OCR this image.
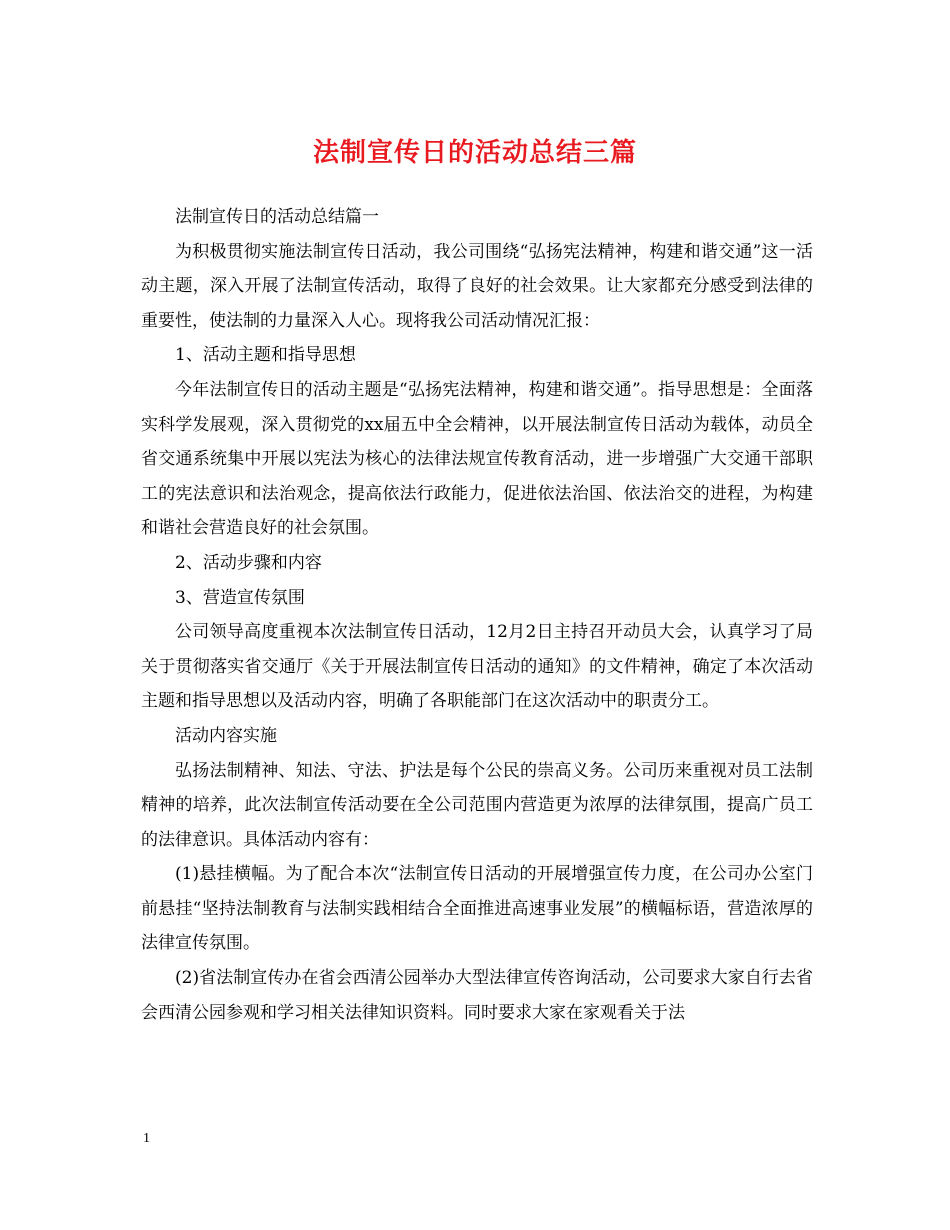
法制宣传日的活动总结三篇

法制宣传日的活动总结篇一

为积极贯彻实施法制宣传日活动，我公司围绕“弘扬宪法精神，构建和谐交通”这一活动主题，深入开展了法制宣传活动，取得了良好的社会效果。让大家都充分感受到法律的重要性，使法制的力量深入人心。现将我公司活动情况汇报：

1、活动主题和指导思想

今年法制宣传日的活动主题是“弘扬宪法精神，构建和谐交通”。指导思想是：全面落实科学发展观，深入贯彻党的xx届五中全会精神，以开展法制宣传日活动为载体，动员全省交通系统集中开展以宪法为核心的法律法规宣传教育活动，进一步增强广大交通干部职工的宪法意识和法治观念，提高依法行政能力，促进依法治国、依法治交的进程，为构建和谐社会营造良好的社会氛围。

2、活动步骤和内容

3、营造宣传氛围

公司领导高度重视本次法制宣传日活动，12月2日主持召开动员大会，认真学习了局关于贯彻落实省交通厅《关于开展法制宣传日活动的通知》的文件精神，确定了本次活动主题和指导思想以及活动内容，明确了各职能部门在这次活动中的职责分工。

活动内容实施

弘扬法制精神、知法、守法、护法是每个公民的崇高义务。公司历来重视对员工法制精神的培养，此次法制宣传活动要在全公司范围内营造更为浓厚的法律氛围，提高广员工的法律意识。具体活动内容有：

(1)悬挂横幅。为了配合本次“法制宣传日活动的开展增强宣传力度，在公司办公室门前悬挂“坚持法制教育与法制实践相结合全面推进高速事业发展”的横幅标语，营造浓厚的法律宣传氛围。

(2)省法制宣传办在省会西清公园举办大型法律宣传咨询活动，公司要求大家自行去省会西清公园参观和学习相关法律知识资料。同时要求大家在家观看关于法

1
